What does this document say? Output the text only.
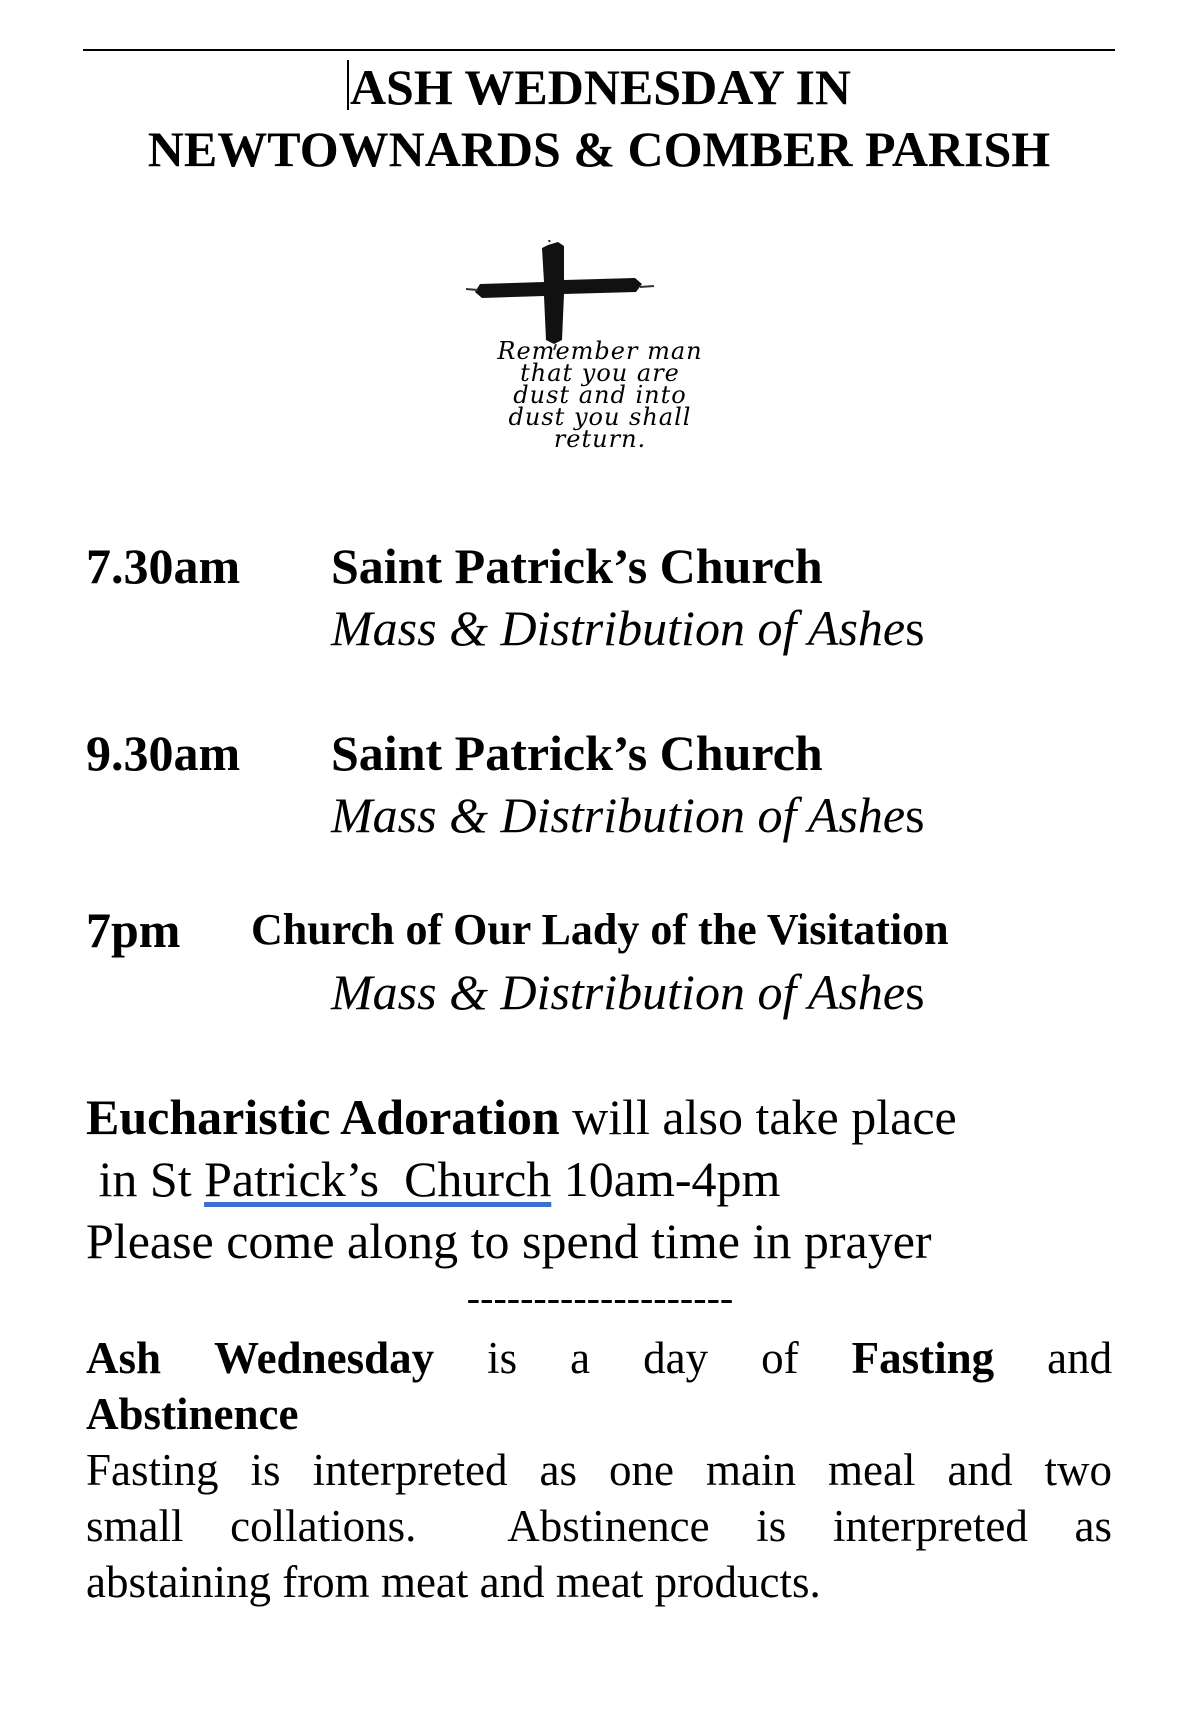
ASH WEDNESDAY IN
NEWTOWNARDS & COMBER PARISH
Remember man
that you are
dust and into
dust you shall
return.
7.30am Saint Patrick’s Church
Mass & Distribution of Ashes
9.30am Saint Patrick’s Church
Mass & Distribution of Ashes
7pm Church of Our Lady of the Visitation
Mass & Distribution of Ashes
Eucharistic Adoration will also take place
in St Patrick’s  Church 10am-4pm
Please come along to spend time in prayer
--------------------
Ash Wednesday is a day of Fasting and
Abstinence
Fasting is interpreted as one main meal and two
small collations.  Abstinence is interpreted as
abstaining from meat and meat products.
